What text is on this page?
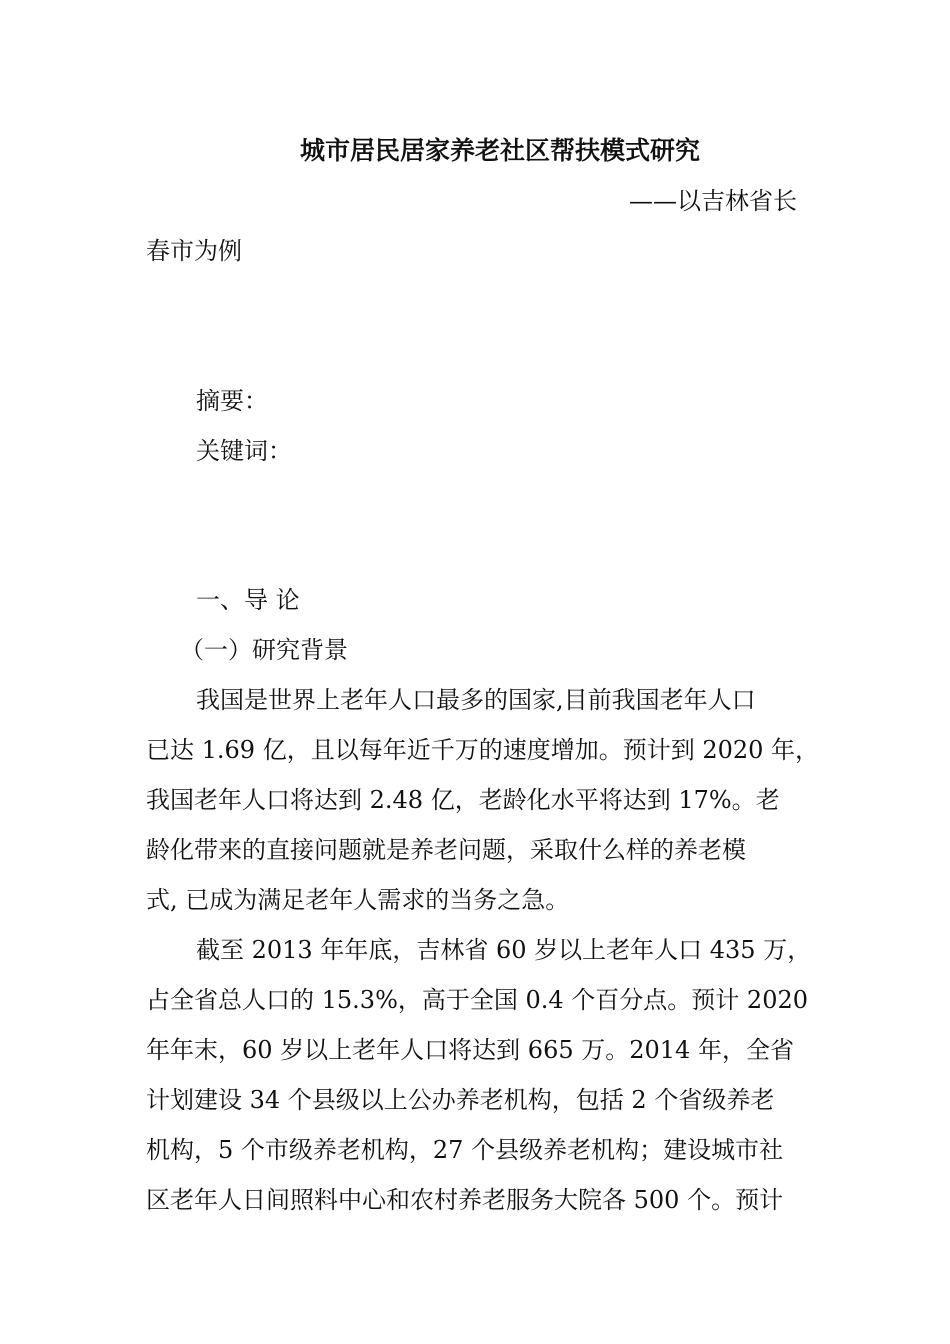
城市居民居家养老社区帮扶模式研究
——以吉林省长
春市为例
摘要：
关键词：
一、导 论
（一）研究背景
我国是世界上老年人口最多的国家,目前我国老年人口
已达 1.69 亿，且以每年近千万的速度增加。预计到 2020 年，
我国老年人口将达到 2.48 亿，老龄化水平将达到 17%。老
龄化带来的直接问题就是养老问题，采取什么样的养老模
式, 已成为满足老年人需求的当务之急。
截至 2013 年年底，吉林省 60 岁以上老年人口 435 万，
占全省总人口的 15.3%，高于全国 0.4 个百分点。预计 2020
年年末，60 岁以上老年人口将达到 665 万。2014 年，全省
计划建设 34 个县级以上公办养老机构，包括 2 个省级养老
机构，5 个市级养老机构，27 个县级养老机构；建设城市社
区老年人日间照料中心和农村养老服务大院各 500 个。预计
